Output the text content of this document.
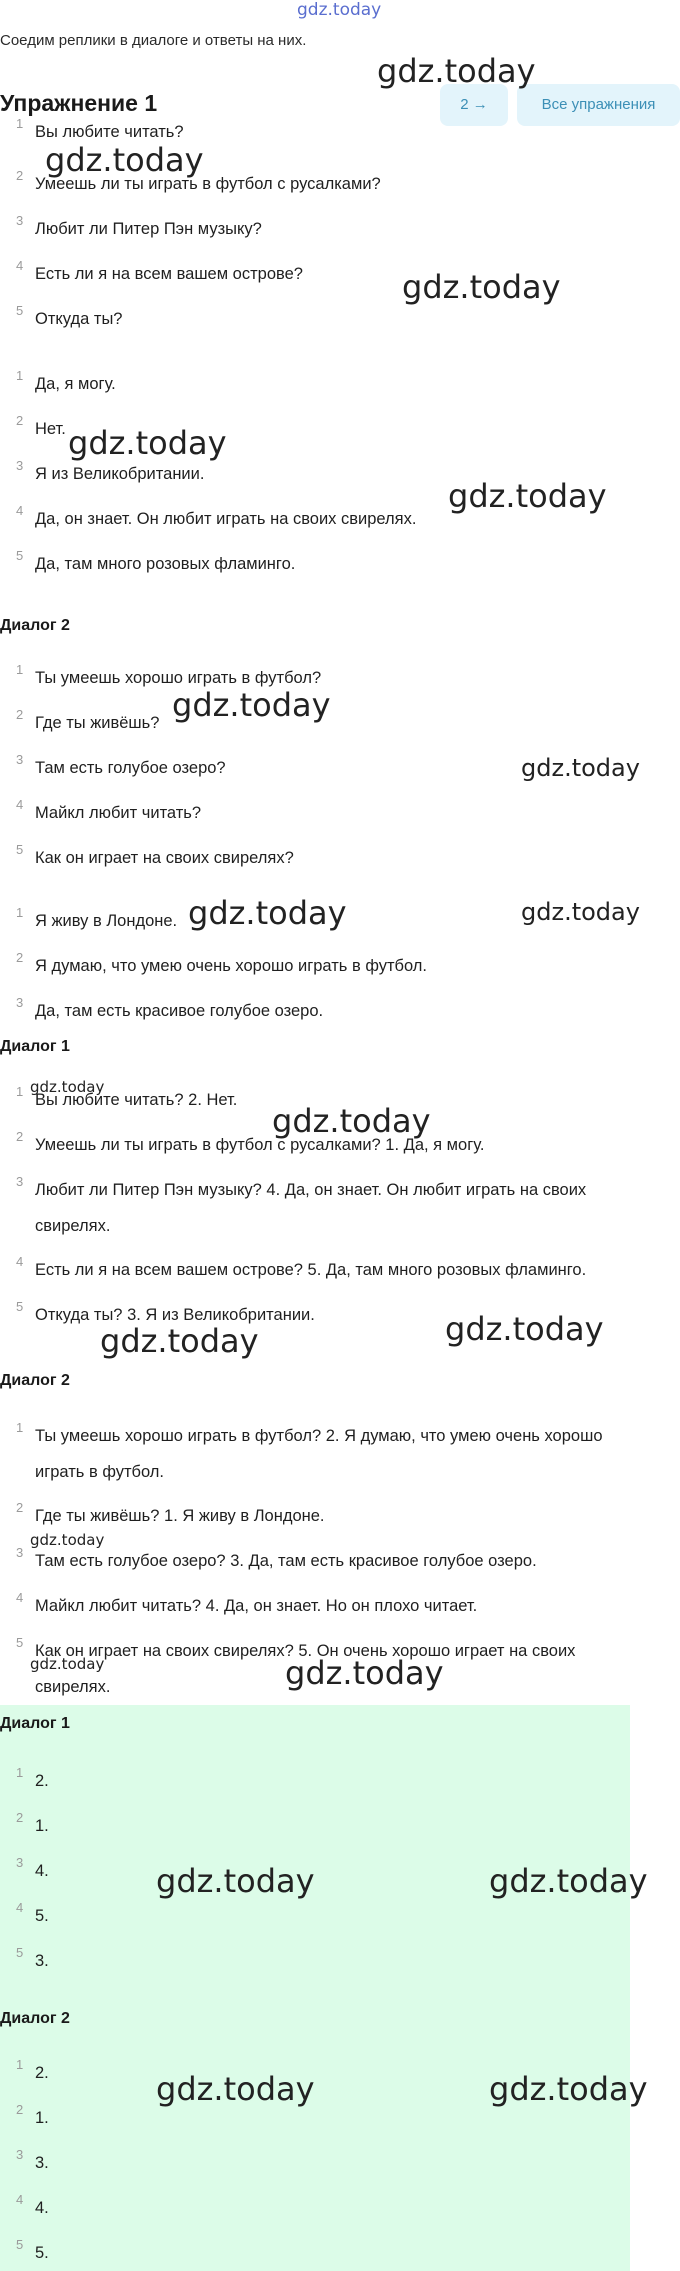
gdz.today
Соедим реплики в диалоге и ответы на них.
Упражнение 1	2 →	Все упражнения
1 Вы любите читать?
2 Умеешь ли ты играть в футбол с русалками?
3 Любит ли Питер Пэн музыку?
4 Есть ли я на всем вашем острове?
5 Откуда ты?
1 Да, я могу.
2 Нет.
3 Я из Великобритании.
4 Да, он знает. Он любит играть на своих свирелях.
5 Да, там много розовых фламинго.
Диалог 2
1 Ты умеешь хорошо играть в футбол?
2 Где ты живёшь?
3 Там есть голубое озеро?
4 Майкл любит читать?
5 Как он играет на своих свирелях?
1 Я живу в Лондоне.
2 Я думаю, что умею очень хорошо играть в футбол.
3 Да, там есть красивое голубое озеро.
Диалог 1
1 Вы любите читать? 2. Нет.
2 Умеешь ли ты играть в футбол с русалками? 1. Да, я могу.
3 Любит ли Питер Пэн музыку? 4. Да, он знает. Он любит играть на своих свирелях.
4 Есть ли я на всем вашем острове? 5. Да, там много розовых фламинго.
5 Откуда ты? 3. Я из Великобритании.
Диалог 2
1 Ты умеешь хорошо играть в футбол? 2. Я думаю, что умею очень хорошо играть в футбол.
2 Где ты живёшь? 1. Я живу в Лондоне.
3 Там есть голубое озеро? 3. Да, там есть красивое голубое озеро.
4 Майкл любит читать? 4. Да, он знает. Но он плохо читает.
5 Как он играет на своих свирелях? 5. Он очень хорошо играет на своих свирелях.
Диалог 1
1 2.
2 1.
3 4.
4 5.
5 3.
Диалог 2
1 2.
2 1.
3 3.
4 4.
5 5.
gdz.today
gdz.today
gdz.today
gdz.today
gdz.today
gdz.today
gdz.today
gdz.today	gdz.today
gdz.today
gdz.today
gdz.today
gdz.today
gdz.today
gdz.today	gdz.today
gdz.today	gdz.today
gdz.today	gdz.today
